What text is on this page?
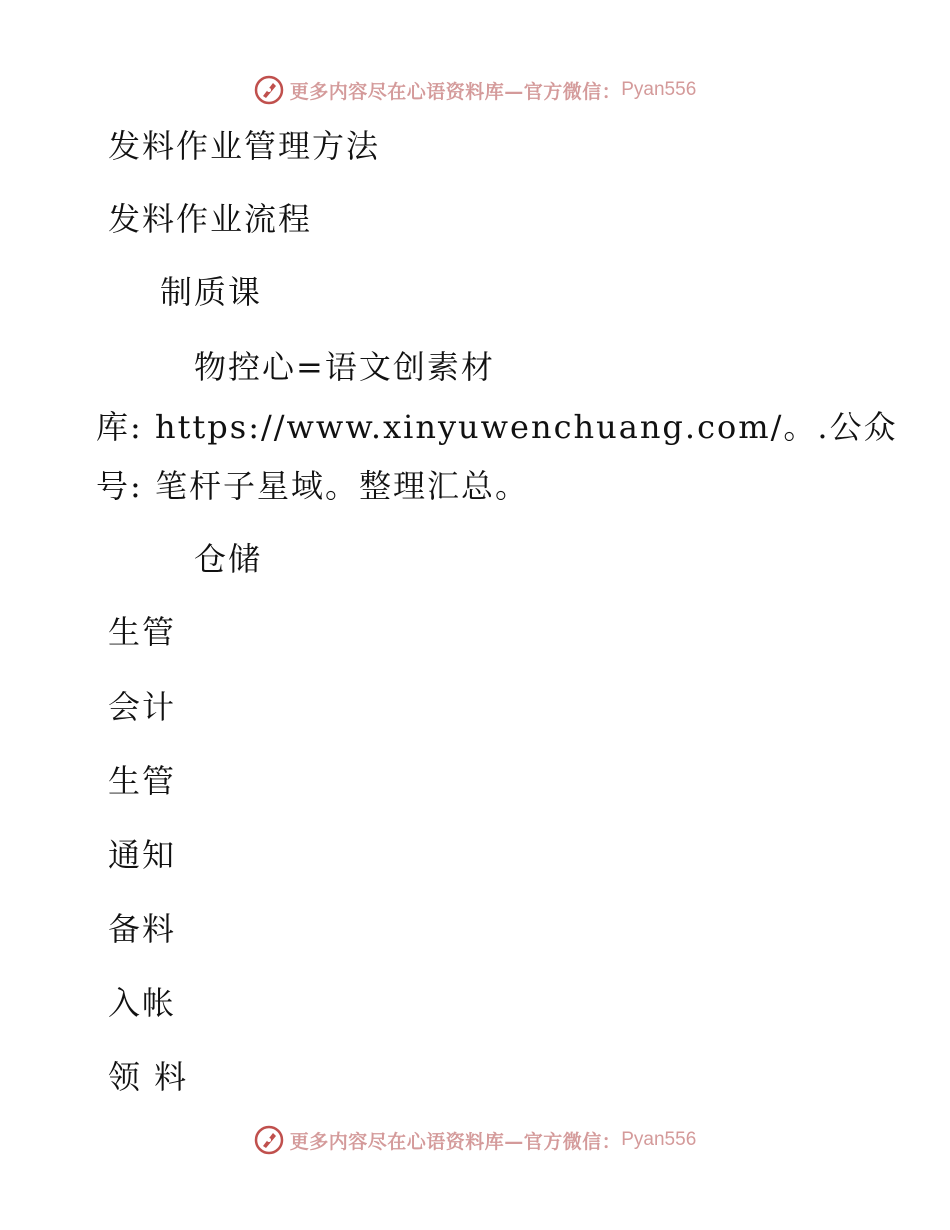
更多内容尽在心语资料库—官方微信： Pyan556
发料作业管理方法
发料作业流程
制质课
物控心=语文创素材
库: https://www.xinyuwenchuang.com/。.公众
号: 笔杆子星域。整理汇总。
仓储
生管
会计
生管
通知
备料
入帐
领 料
更多内容尽在心语资料库—官方微信： Pyan556
